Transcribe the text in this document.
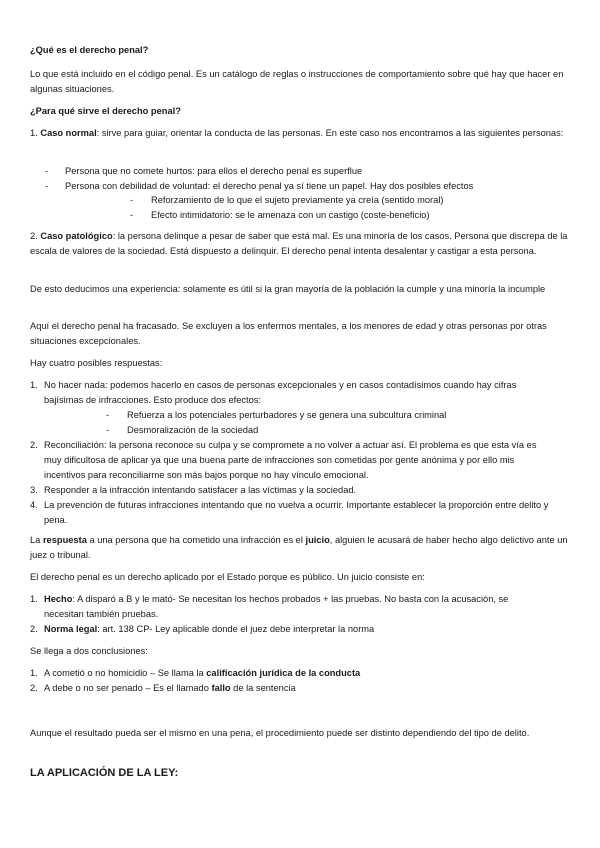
¿Qué es el derecho penal?

Lo que está incluido en el código penal. Es un catálogo de reglas o instrucciones de comportamiento sobre qué hay que hacer en algunas situaciones.

¿Para qué sirve el derecho penal?

1. Caso normal: sirve para guiar, orientar la conducta de las personas. En este caso nos encontramos a las siguientes personas:

- Persona que no comete hurtos: para ellos el derecho penal es superflue
- Persona con debilidad de voluntad: el derecho penal ya sí tiene un papel. Hay dos posibles efectos
- Reforzamiento de lo que el sujeto previamente ya creía (sentido moral)
- Efecto intimidatorio: se le amenaza con un castigo (coste-beneficio)

2. Caso patológico: la persona delinque a pesar de saber que está mal. Es una minoría de los casos. Persona que discrepa de la escala de valores de la sociedad. Está dispuesto a delinquir. El derecho penal intenta desalentar y castigar a esta persona.

De esto deducimos una experiencia: solamente es útil si la gran mayoría de la población la cumple y una minoría la incumple

Aquí el derecho penal ha fracasado. Se excluyen a los enfermos mentales, a los menores de edad y otras personas por otras situaciones excepcionales.

Hay cuatro posibles respuestas:

1. No hacer nada: podemos hacerlo en casos de personas excepcionales y en casos contadísimos cuando hay cifras bajísimas de infracciones. Esto produce dos efectos:
- Refuerza a los potenciales perturbadores y se genera una subcultura criminal
- Desmoralización de la sociedad
2. Reconciliación: la persona reconoce su culpa y se compromete a no volver a actuar así. El problema es que esta vía es muy dificultosa de aplicar ya que una buena parte de infracciones son cometidas por gente anónima y por ello mis incentivos para reconciliarme son más bajos porque no hay vínculo emocional.
3. Responder a la infracción intentando satisfacer a las víctimas y la sociedad.
4. La prevención de futuras infracciones intentando que no vuelva a ocurrir. Importante establecer la proporción entre delito y pena.

La respuesta a una persona que ha cometido una infracción es el juicio, alguien le acusará de haber hecho algo delictivo ante un juez o tribunal.

El derecho penal es un derecho aplicado por el Estado porque es público. Un juicio consiste en:

1. Hecho: A disparó a B y le mató- Se necesitan los hechos probados + las pruebas. No basta con la acusación, se necesitan también pruebas.
2. Norma legal: art. 138 CP- Ley aplicable donde el juez debe interpretar la norma

Se llega a dos conclusiones:

1. A cometió o no homicidio – Se llama la calificación jurídica de la conducta
2. A debe o no ser penado – Es el llamado fallo de la sentencia

Aunque el resultado pueda ser el mismo en una pena, el procedimiento puede ser distinto dependiendo del tipo de delito.

LA APLICACIÓN DE LA LEY:
